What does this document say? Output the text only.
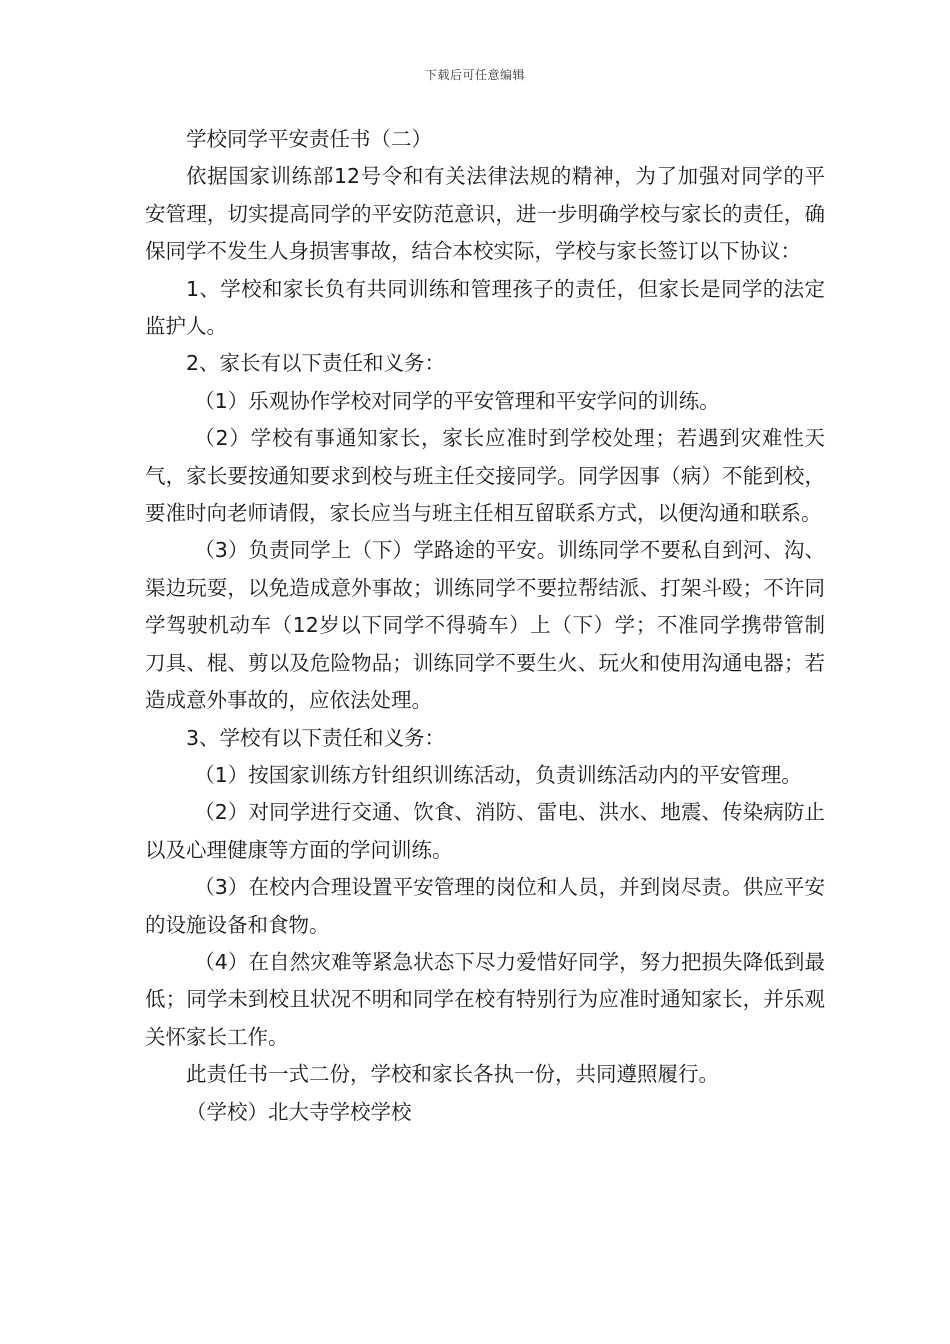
下载后可任意编辑

学校同学平安责任书（二）

依据国家训练部12号令和有关法律法规的精神，为了加强对同学的平安管理，切实提高同学的平安防范意识，进一步明确学校与家长的责任，确保同学不发生人身损害事故，结合本校实际，学校与家长签订以下协议：

1、学校和家长负有共同训练和管理孩子的责任，但家长是同学的法定监护人。

2、家长有以下责任和义务：

（1）乐观协作学校对同学的平安管理和平安学问的训练。

（2）学校有事通知家长，家长应准时到学校处理；若遇到灾难性天气，家长要按通知要求到校与班主任交接同学。同学因事（病）不能到校，要准时向老师请假，家长应当与班主任相互留联系方式，以便沟通和联系。

（3）负责同学上（下）学路途的平安。训练同学不要私自到河、沟、渠边玩耍，以免造成意外事故；训练同学不要拉帮结派、打架斗殴；不许同学驾驶机动车（12岁以下同学不得骑车）上（下）学；不准同学携带管制刀具、棍、剪以及危险物品；训练同学不要生火、玩火和使用沟通电器；若造成意外事故的，应依法处理。

3、学校有以下责任和义务：

（1）按国家训练方针组织训练活动，负责训练活动内的平安管理。

（2）对同学进行交通、饮食、消防、雷电、洪水、地震、传染病防止以及心理健康等方面的学问训练。

（3）在校内合理设置平安管理的岗位和人员，并到岗尽责。供应平安的设施设备和食物。

（4）在自然灾难等紧急状态下尽力爱惜好同学，努力把损失降低到最低；同学未到校且状况不明和同学在校有特别行为应准时通知家长，并乐观关怀家长工作。

此责任书一式二份，学校和家长各执一份，共同遵照履行。

（学校）北大寺学校学校
